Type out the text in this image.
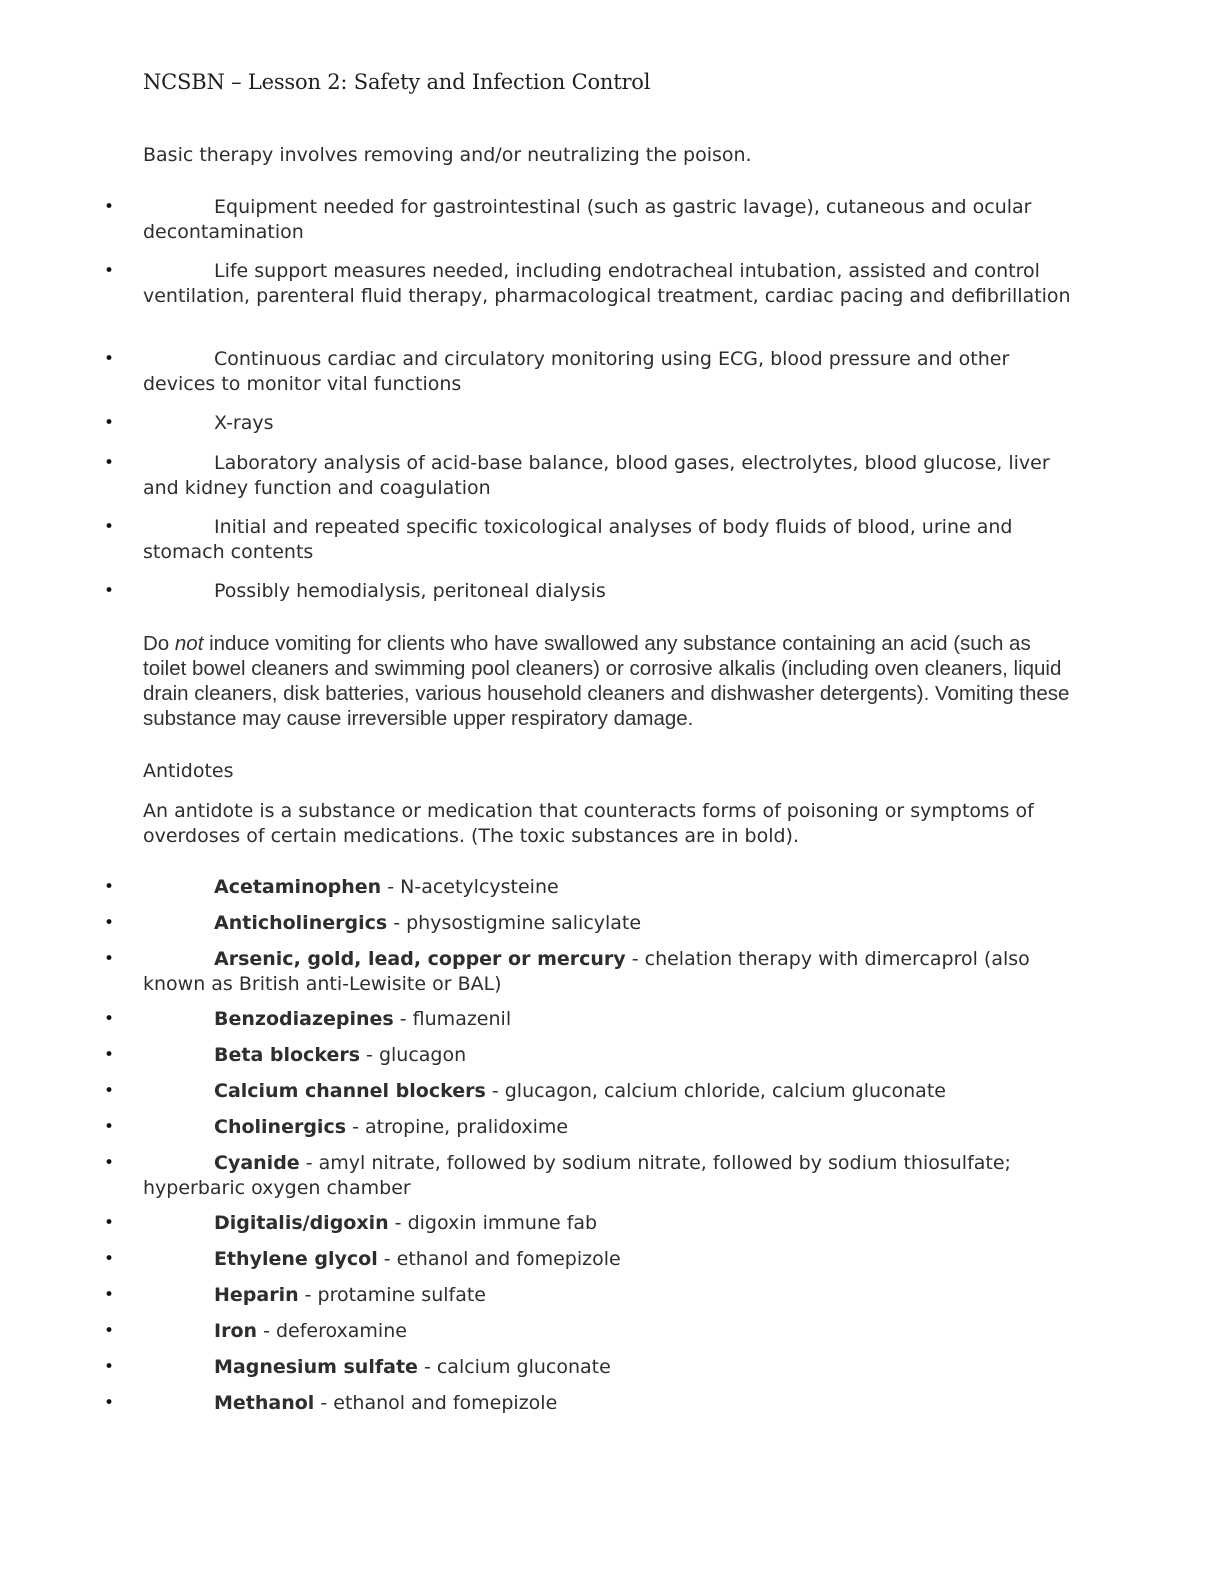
NCSBN – Lesson 2: Safety and Infection Control
Basic therapy involves removing and/or neutralizing the poison.
•	Equipment needed for gastrointestinal (such as gastric lavage), cutaneous and ocular decontamination
•	Life support measures needed, including endotracheal intubation, assisted and control ventilation, parenteral fluid therapy, pharmacological treatment, cardiac pacing and defibrillation
•	Continuous cardiac and circulatory monitoring using ECG, blood pressure and other devices to monitor vital functions
•	X-rays
•	Laboratory analysis of acid-base balance, blood gases, electrolytes, blood glucose, liver and kidney function and coagulation
•	Initial and repeated specific toxicological analyses of body fluids of blood, urine and stomach contents
•	Possibly hemodialysis, peritoneal dialysis
Do not induce vomiting for clients who have swallowed any substance containing an acid (such as toilet bowel cleaners and swimming pool cleaners) or corrosive alkalis (including oven cleaners, liquid drain cleaners, disk batteries, various household cleaners and dishwasher detergents). Vomiting these substance may cause irreversible upper respiratory damage.
Antidotes
An antidote is a substance or medication that counteracts forms of poisoning or symptoms of overdoses of certain medications. (The toxic substances are in bold).
•	Acetaminophen - N-acetylcysteine
•	Anticholinergics - physostigmine salicylate
•	Arsenic, gold, lead, copper or mercury - chelation therapy with dimercaprol (also known as British anti-Lewisite or BAL)
•	Benzodiazepines - flumazenil
•	Beta blockers - glucagon
•	Calcium channel blockers - glucagon, calcium chloride, calcium gluconate
•	Cholinergics - atropine, pralidoxime
•	Cyanide - amyl nitrate, followed by sodium nitrate, followed by sodium thiosulfate; hyperbaric oxygen chamber
•	Digitalis/digoxin - digoxin immune fab
•	Ethylene glycol - ethanol and fomepizole
•	Heparin - protamine sulfate
•	Iron - deferoxamine
•	Magnesium sulfate - calcium gluconate
•	Methanol - ethanol and fomepizole
